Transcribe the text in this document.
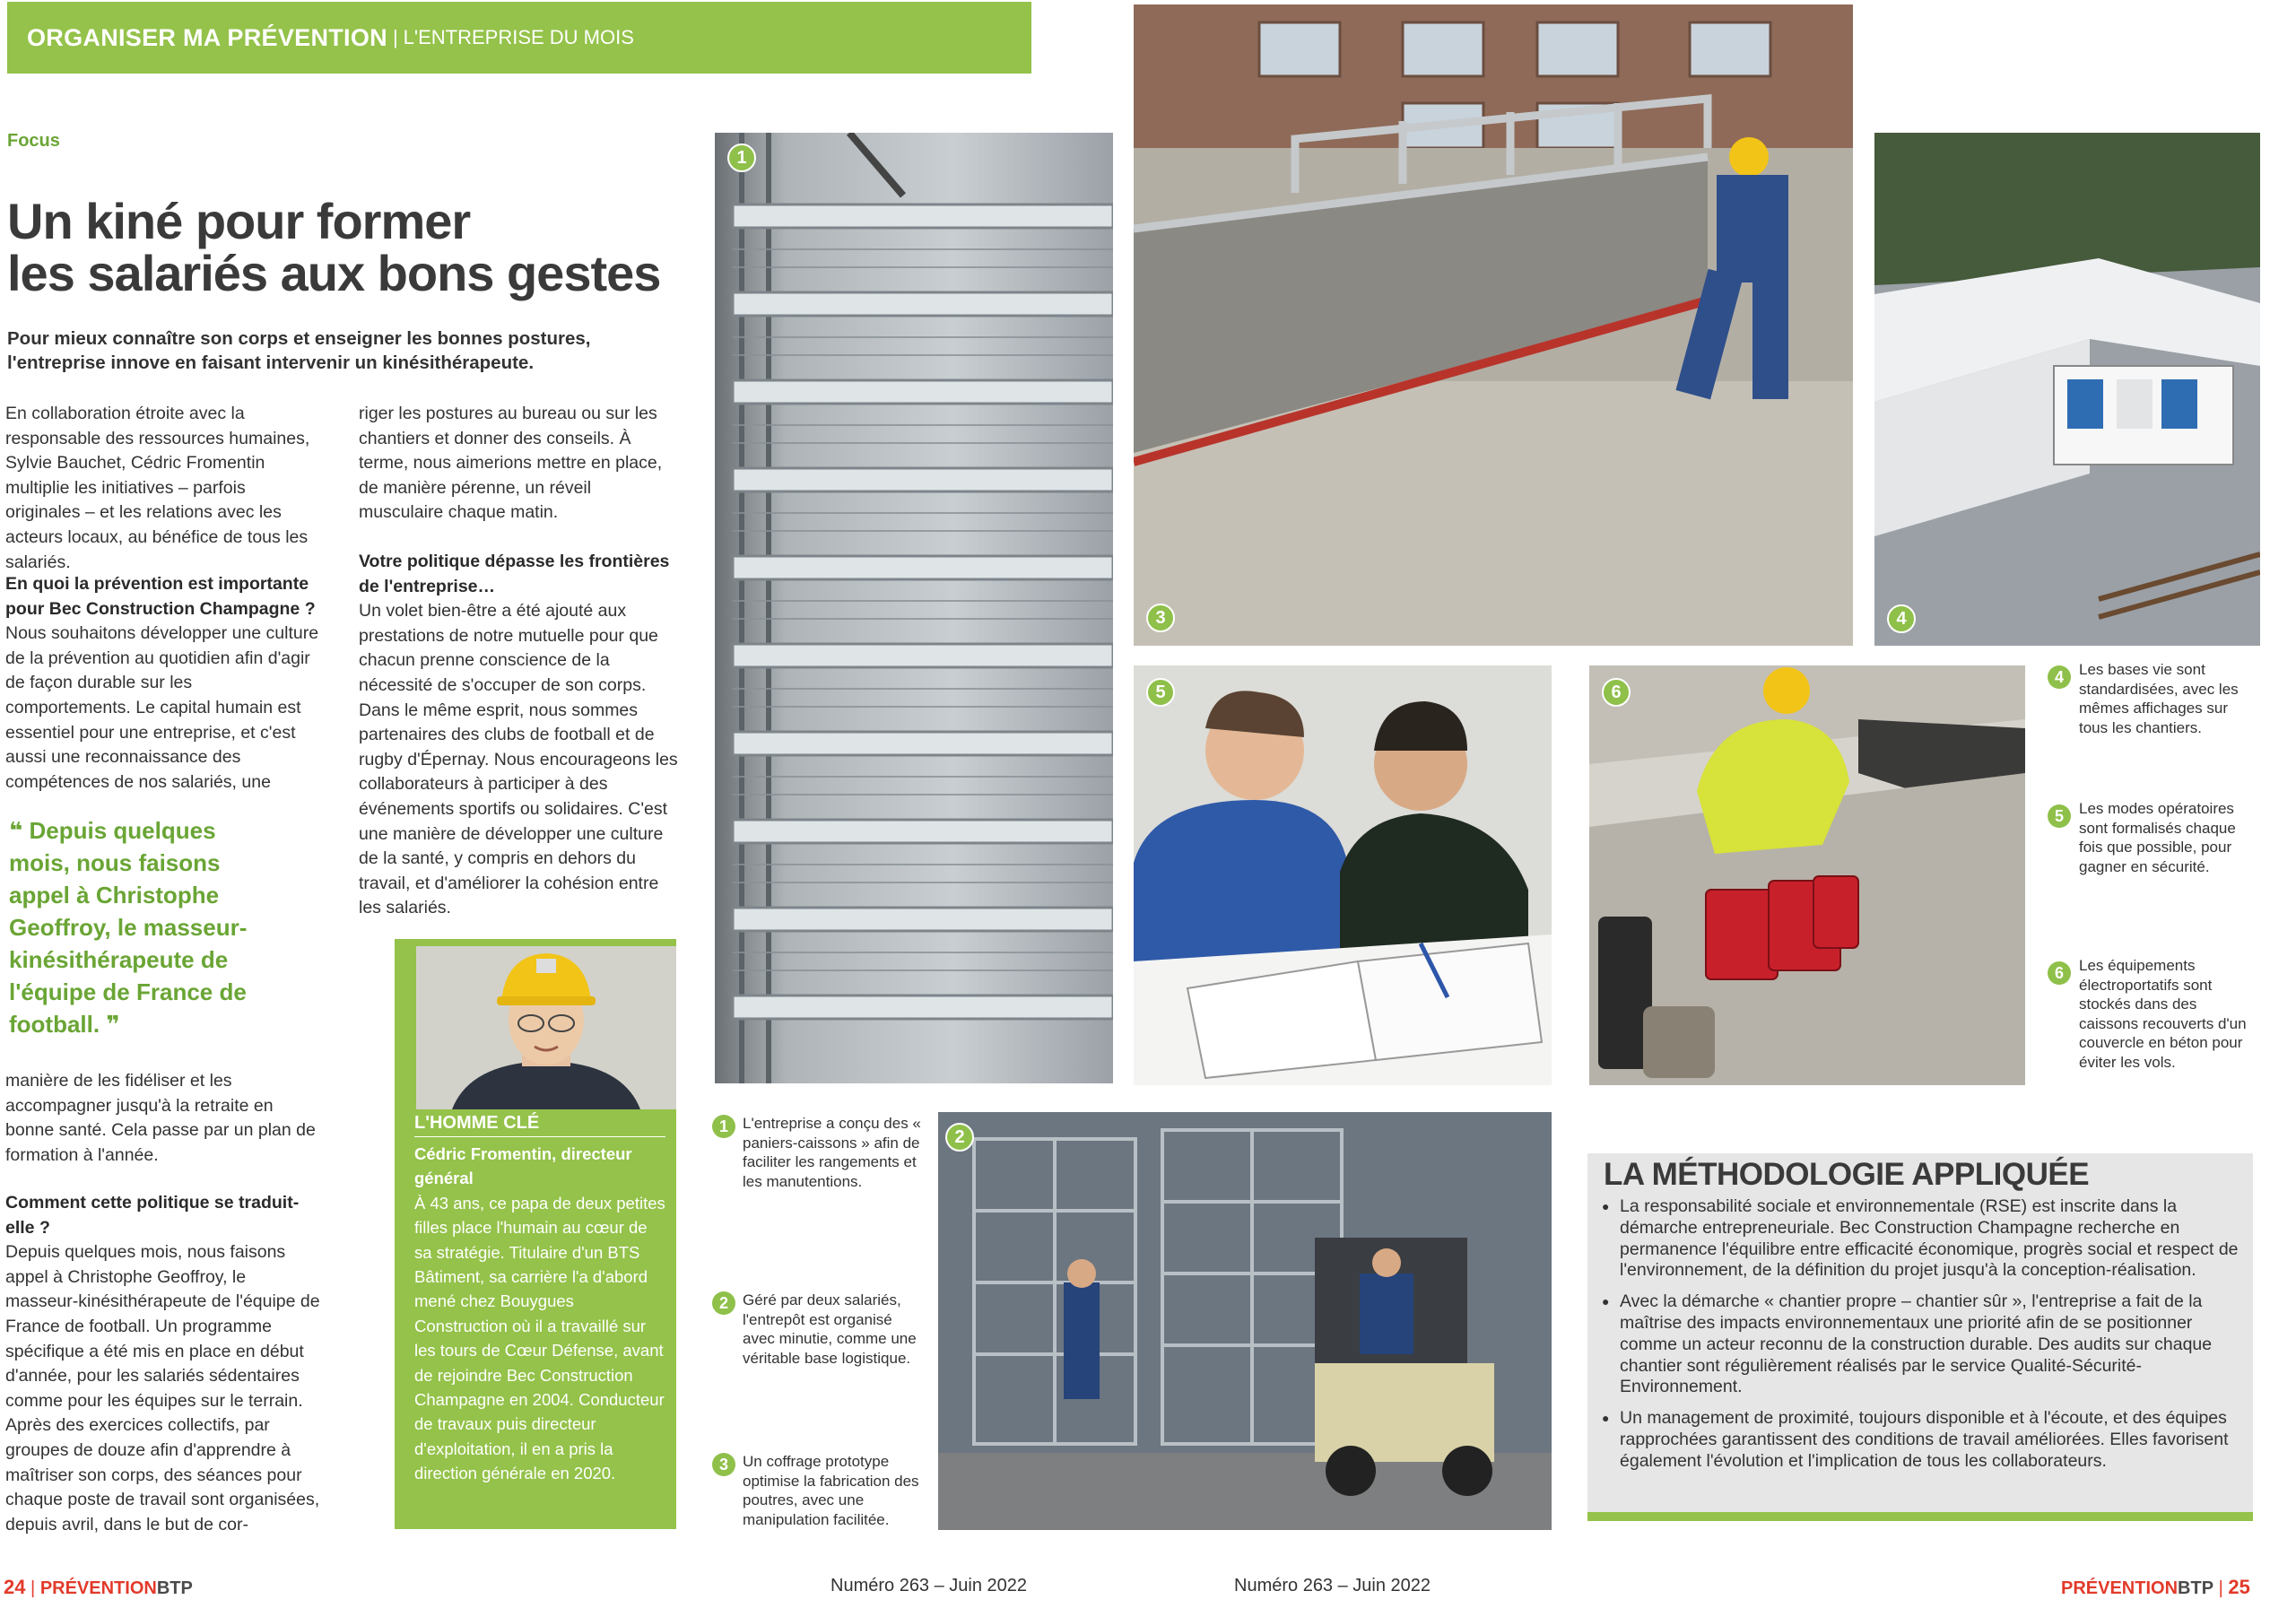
ORGANISER MA PRÉVENTION | L'ENTREPRISE DU MOIS
Focus
Un kiné pour former
les salariés aux bons gestes
Pour mieux connaître son corps et enseigner les bonnes postures, l'entreprise innove en faisant intervenir un kinésithérapeute.

En collaboration étroite avec la responsable des ressources humaines, Sylvie Bauchet, Cédric Fromentin multiplie les initiatives – parfois originales – et les relations avec les acteurs locaux, au bénéfice de tous les salariés.

En quoi la prévention est importante pour Bec Construction Champagne ?

Nous souhaitons développer une culture de la prévention au quotidien afin d'agir de façon durable sur les comportements. Le capital humain est essentiel pour une entreprise, et c'est aussi une reconnaissance des compétences de nos salariés, une

❝ Depuis quelques mois, nous faisons appel à Christophe Geoffroy, le masseur-kinésithérapeute de l'équipe de France de football. ❞

manière de les fidéliser et les accompagner jusqu'à la retraite en bonne santé. Cela passe par un plan de formation à l'année.

Comment cette politique se traduit-elle ?

Depuis quelques mois, nous faisons appel à Christophe Geoffroy, le masseur-kinésithérapeute de l'équipe de France de football. Un programme spécifique a été mis en place en début d'année, pour les salariés sédentaires comme pour les équipes sur le terrain. Après des exercices collectifs, par groupes de douze afin d'apprendre à maîtriser son corps, des séances pour chaque poste de travail sont organisées, depuis avril, dans le but de cor-

riger les postures au bureau ou sur les chantiers et donner des conseils. À terme, nous aimerions mettre en place, de manière pérenne, un réveil musculaire chaque matin.

Votre politique dépasse les frontières de l'entreprise…

Un volet bien-être a été ajouté aux prestations de notre mutuelle pour que chacun prenne conscience de la nécessité de s'occuper de son corps. Dans le même esprit, nous sommes partenaires des clubs de football et de rugby d'Épernay. Nous encourageons les collaborateurs à participer à des événements sportifs ou solidaires. C'est une manière de développer une culture de la santé, y compris en dehors du travail, et d'améliorer la cohésion entre les salariés.

L'HOMME CLÉ
Cédric Fromentin, directeur général
À 43 ans, ce papa de deux petites filles place l'humain au cœur de sa stratégie. Titulaire d'un BTS Bâtiment, sa carrière l'a d'abord mené chez Bouygues Construction où il a travaillé sur les tours de Cœur Défense, avant de rejoindre Bec Construction Champagne en 2004. Conducteur de travaux puis directeur d'exploitation, il en a pris la direction générale en 2020.
1
3	4
5	6
2
1 L'entreprise a conçu des « paniers-caissons » afin de faciliter les rangements et les manutentions.
2 Géré par deux salariés, l'entrepôt est organisé avec minutie, comme une véritable base logistique.
3 Un coffrage prototype optimise la fabrication des poutres, avec une manipulation facilitée.
4	Les bases vie sont standardisées, avec les mêmes affichages sur tous les chantiers.
5	Les modes opératoires sont formalisés chaque fois que possible, pour gagner en sécurité.
6	Les équipements électroportatifs sont stockés dans des caissons recouverts d'un couvercle en béton pour éviter les vols.
LA MÉTHODOLOGIE APPLIQUÉE
● La responsabilité sociale et environnementale (RSE) est inscrite dans la démarche entrepreneuriale. Bec Construction Champagne recherche en permanence l'équilibre entre efficacité économique, progrès social et respect de l'environnement, de la définition du projet jusqu'à la conception-réalisation.
● Avec la démarche « chantier propre – chantier sûr », l'entreprise a fait de la maîtrise des impacts environnementaux une priorité afin de se positionner comme un acteur reconnu de la construction durable. Des audits sur chaque chantier sont régulièrement réalisés par le service Qualité-Sécurité-Environnement.
● Un management de proximité, toujours disponible et à l'écoute, et des équipes rapprochées garantissent des conditions de travail améliorées. Elles favorisent également l'évolution et l'implication de tous les collaborateurs.
24 | PRÉVENTIONBTP	Numéro 263 – Juin 2022	Numéro 263 – Juin 2022	PRÉVENTIONBTP | 25
